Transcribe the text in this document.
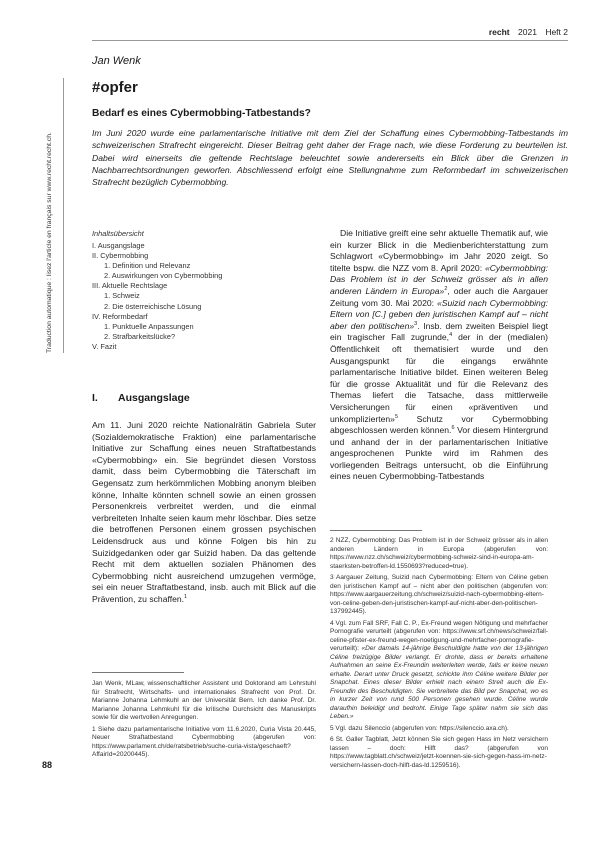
recht 2021 Heft 2
Jan Wenk
Traduction automatique : lisez l'article en français sur www.recht.recht.ch.
#opfer
Bedarf es eines Cybermobbing-Tatbestands?
Im Juni 2020 wurde eine parlamentarische Initiative mit dem Ziel der Schaffung eines Cybermobbing-Tatbestands im schweizerischen Strafrecht eingereicht. Dieser Beitrag geht daher der Frage nach, wie diese Forderung zu beurteilen ist. Dabei wird einerseits die geltende Rechtslage beleuchtet sowie andererseits ein Blick über die Grenzen in Nachbarrechtsordnungen geworfen. Abschliessend erfolgt eine Stellungnahme zum Reformbedarf im schweizerischen Strafrecht bezüglich Cybermobbing.
Inhaltsübersicht
I. Ausgangslage
II. Cybermobbing
1. Definition und Relevanz
2. Auswirkungen von Cybermobbing
III. Aktuelle Rechtslage
1. Schweiz
2. Die österreichische Lösung
IV. Reformbedarf
1. Punktuelle Anpassungen
2. Strafbarkeitslücke?
V. Fazit
I. Ausgangslage

Am 11. Juni 2020 reichte Nationalrätin Gabriela Suter (Sozialdemokratische Fraktion) eine parlamentarische Initiative zur Schaffung eines neuen Straftatbestands «Cybermobbing» ein. Sie begründet diesen Vorstoss damit, dass beim Cybermobbing die Täterschaft im Gegensatz zum herkömmlichen Mobbing anonym bleiben könne, Inhalte könnten schnell sowie an einen grossen Personenkreis verbreitet werden, und die einmal verbreiteten Inhalte seien kaum mehr löschbar. Dies setze die betroffenen Personen einem grossen psychischen Leidensdruck aus und könne Folgen bis hin zu Suizidgedanken oder gar Suizid haben. Da das geltende Recht mit dem aktuellen sozialen Phänomen des Cybermobbing nicht ausreichend umzugehen vermöge, sei ein neuer Straftatbestand, insb. auch mit Blick auf die Prävention, zu schaffen.$^1$

Die Initiative greift eine sehr aktuelle Thematik auf, wie ein kurzer Blick in die Medienberichterstattung zum Schlagwort «Cybermobbing» im Jahr 2020 zeigt. So titelte bspw. die NZZ vom 8. April 2020: «Cybermobbing: Das Problem ist in der Schweiz grösser als in allen anderen Ländern in Europa»$^2$, oder auch die Aargauer Zeitung vom 30. Mai 2020: «Suizid nach Cybermobbing: Eltern von [C.] geben den juristischen Kampf auf – nicht aber den politischen»$^3$. Insb. dem zweiten Beispiel liegt ein tragischer Fall zugrunde,$^4$ der in der (medialen) Öffentlichkeit oft thematisiert wurde und den Ausgangspunkt für die eingangs erwähnte parlamentarische Initiative bildet. Einen weiteren Beleg für die grosse Aktualität und für die Relevanz des Themas liefert die Tatsache, dass mittlerweile Versicherungen für einen «präventiven und unkomplizierten»$^5$ Schutz vor Cybermobbing abgeschlossen werden können.$^6$ Vor diesem Hintergrund und anhand der in der parlamentarischen Initiative angesprochenen Punkte wird im Rahmen des vorliegenden Beitrags untersucht, ob die Einführung eines neuen Cybermobbing-Tatbestands

Jan Wenk, MLaw, wissenschaftlicher Assistent und Doktorand am Lehrstuhl für Strafrecht, Wirtschafts- und internationales Strafrecht von Prof. Dr. Marianne Johanna Lehmkuhl an der Universität Bern. Ich danke Prof. Dr. Marianne Johanna Lehmkuhl für die kritische Durchsicht des Manuskripts sowie für die wertvollen Anregungen.

1 Siehe dazu parlamentarische Initiative vom 11.6.2020, Curia Vista 20.445, Neuer Straftatbestand Cybermobbing (abgerufen von: https://www.parlament.ch/de/ratsbetrieb/suche-curia-vista/geschaeft?AffairId=20200445).

2 NZZ, Cybermobbing: Das Problem ist in der Schweiz grösser als in allen anderen Ländern in Europa (abgerufen von: https://www.nzz.ch/schweiz/cybermobbing-schweiz-sind-in-europa-am-staerksten-betroffen-ld.1550693?reduced=true).

3 Aargauer Zeitung, Suizid nach Cybermobbing: Eltern von Céline geben den juristischen Kampf auf – nicht aber den politischen (abgerufen von: https://www.aargauerzeitung.ch/schweiz/suizid-nach-cybermobbing-eltern-von-celine-geben-den-juristischen-kampf-auf-nicht-aber-den-politischen-137992445).

4 Vgl. zum Fall SRF, Fall C. P., Ex-Freund wegen Nötigung und mehrfacher Pornografie verurteilt (abgerufen von: https://www.srf.ch/news/schweiz/fall-celine-pfister-ex-freund-wegen-noetigung-und-mehrfacher-pornografie-verurteilt): «Der damals 14-jährige Beschuldigte hatte von der 13-jährigen Céline freizügige Bilder verlangt. Er drohte, dass er bereits erhaltene Aufnahmen an seine Ex-Freundin weiterleiten werde, falls er keine neuen erhalte. Derart unter Druck gesetzt, schickte ihm Céline weitere Bilder per Snapchat. Eines dieser Bilder erhielt nach einem Streit auch die Ex-Freundin des Beschuldigten. Sie verbreitete das Bild per Snapchat, wo es in kurzer Zeit von rund 500 Personen gesehen wurde. Céline wurde daraufhin beleidigt und bedroht. Einige Tage später nahm sie sich das Leben.»

5 Vgl. dazu Silenccio (abgerufen von: https://silenccio.axa.ch).

6 St. Galler Tagblatt, Jetzt können Sie sich gegen Hass im Netz versichern lassen – doch: Hilft das? (abgerufen von https://www.tagblatt.ch/schweiz/jetzt-koennen-sie-sich-gegen-hass-im-netz-versichern-lassen-doch-hilft-das-ld.1259516).

88
